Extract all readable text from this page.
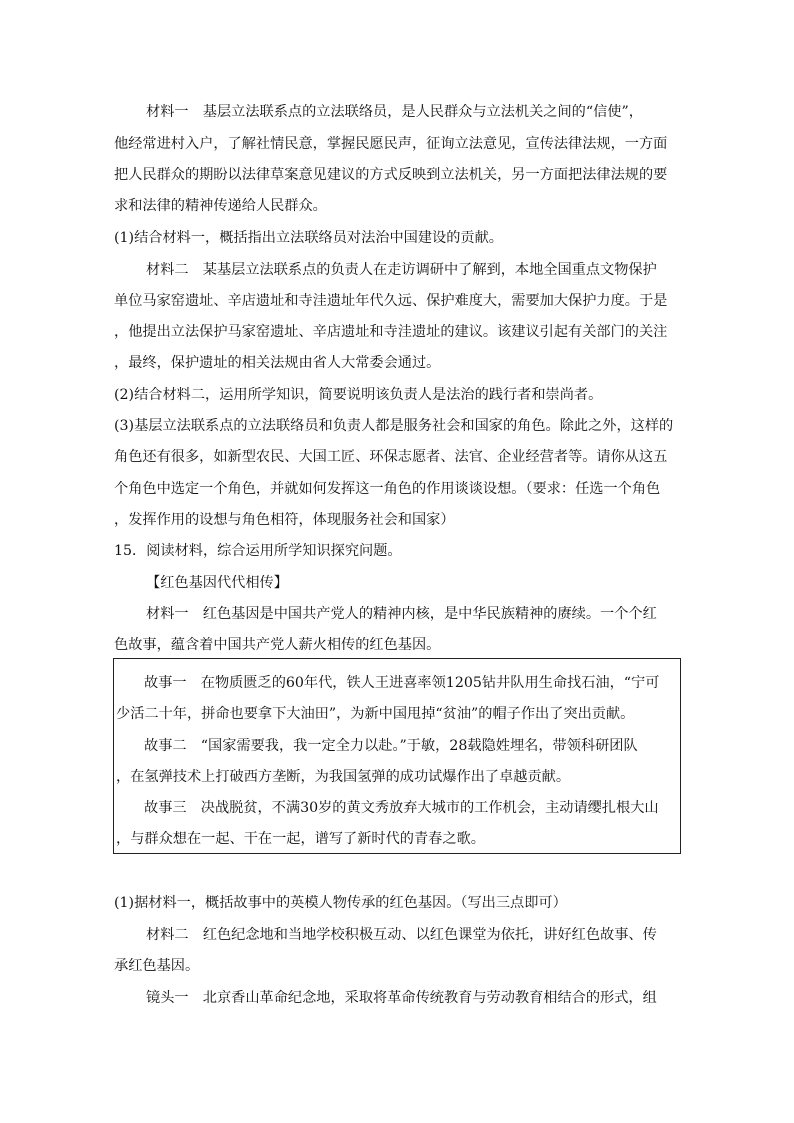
材料一　基层立法联系点的立法联络员，是人民群众与立法机关之间的“信使”，
他经常进村入户，了解社情民意，掌握民愿民声，征询立法意见，宣传法律法规，一方面
把人民群众的期盼以法律草案意见建议的方式反映到立法机关，另一方面把法律法规的要
求和法律的精神传递给人民群众。
(1)结合材料一，概括指出立法联络员对法治中国建设的贡献。
材料二　某基层立法联系点的负责人在走访调研中了解到，本地全国重点文物保护
单位马家窑遗址、辛店遗址和寺洼遗址年代久远、保护难度大，需要加大保护力度。于是
，他提出立法保护马家窑遗址、辛店遗址和寺洼遗址的建议。该建议引起有关部门的关注
，最终，保护遗址的相关法规由省人大常委会通过。
(2)结合材料二，运用所学知识，简要说明该负责人是法治的践行者和崇尚者。
(3)基层立法联系点的立法联络员和负责人都是服务社会和国家的角色。除此之外，这样的
角色还有很多，如新型农民、大国工匠、环保志愿者、法官、企业经营者等。请你从这五
个角色中选定一个角色，并就如何发挥这一角色的作用谈谈设想。（要求：任选一个角色
，发挥作用的设想与角色相符，体现服务社会和国家）
15．阅读材料，综合运用所学知识探究问题。
【红色基因代代相传】
材料一　红色基因是中国共产党人的精神内核，是中华民族精神的赓续。一个个红
色故事，蕴含着中国共产党人薪火相传的红色基因。
故事一　在物质匮乏的60年代，铁人王进喜率领1205钻井队用生命找石油，“宁可
少活二十年，拼命也要拿下大油田”，为新中国甩掉“贫油”的帽子作出了突出贡献。
故事二　“国家需要我，我一定全力以赴。”于敏，28载隐姓埋名，带领科研团队
，在氢弹技术上打破西方垄断，为我国氢弹的成功试爆作出了卓越贡献。
故事三　决战脱贫，不满30岁的黄文秀放弃大城市的工作机会，主动请缨扎根大山
，与群众想在一起、干在一起，谱写了新时代的青春之歌。
(1)据材料一，概括故事中的英模人物传承的红色基因。（写出三点即可）
材料二　红色纪念地和当地学校积极互动、以红色课堂为依托，讲好红色故事、传
承红色基因。
镜头一　北京香山革命纪念地，采取将革命传统教育与劳动教育相结合的形式，组
